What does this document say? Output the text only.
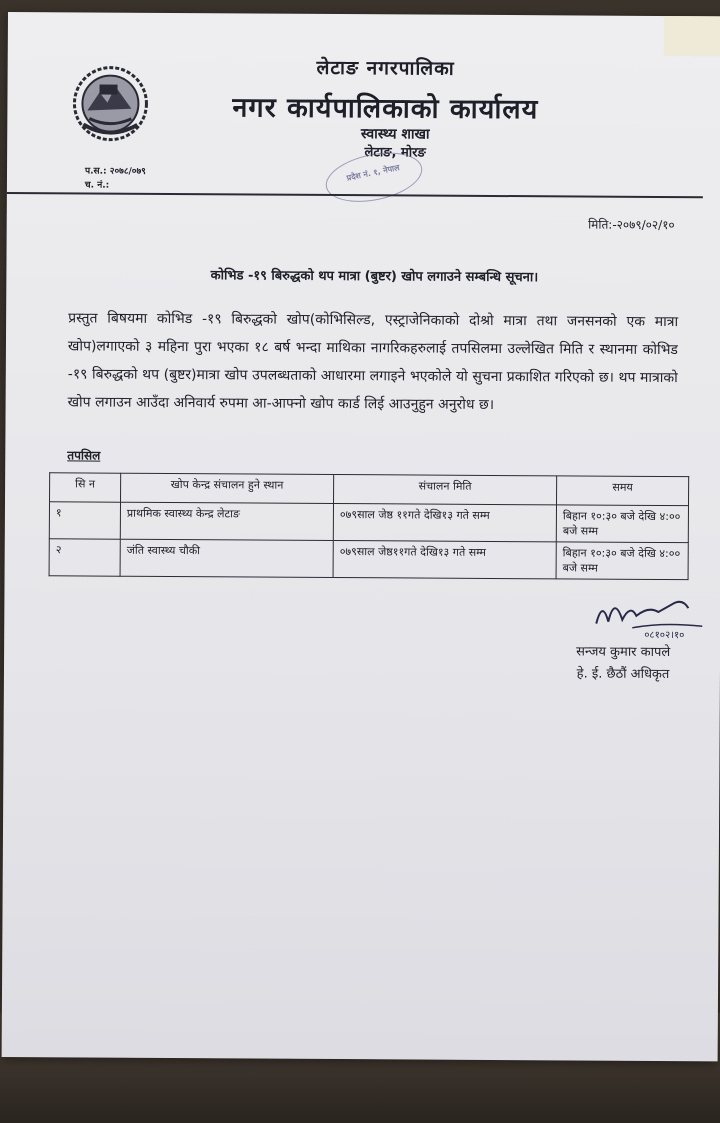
लेटाङ नगरपालिका
नगर कार्यपालिकाको कार्यालय
स्वास्थ्य शाखा
लेटाङ, मोरङ
प्रदेश नं. १, नेपाल
प.स.: २०७८/०७९
च. नं.:
मिति:-२०७९/०२/१०
कोभिड -१९ बिरुद्धको थप मात्रा (बुष्टर) खोप लगाउने सम्बन्धि सूचना।
प्रस्तुत बिषयमा कोभिड -१९ बिरुद्धको खोप(कोभिसिल्ड, एस्ट्राजेनिकाको दोश्रो मात्रा तथा जनसनको एक मात्रा खोप)लगाएको ३ महिना पुरा भएका १८ बर्ष भन्दा माथिका नागरिकहरुलाई तपसिलमा उल्लेखित मिति र स्थानमा कोभिड -१९ बिरुद्धको थप (बुष्टर)मात्रा खोप उपलब्धताको आधारमा लगाइने भएकोले यो सुचना प्रकाशित गरिएको छ। थप मात्राको खोप लगाउन आउँदा अनिवार्य रुपमा आ-आफ्नो खोप कार्ड लिई आउनुहुन अनुरोध छ।
तपसिल
सि न	खोप केन्द्र संचालन हुने स्थान	संचालन मिति	समय
१	प्राथमिक स्वास्थ्य केन्द्र लेटाङ	०७९साल जेष्ठ ११गते देखि१३ गते सम्म	बिहान १०:३० बजे देखि ४:०० बजे सम्म
२	जंति स्वास्थ्य चौकी	०७९साल जेष्ठ११गते देखि१३ गते सम्म	बिहान १०:३० बजे देखि ४:०० बजे सम्म
०८१०२।१०
सन्जय कुमार कापले
हे. ई. छैठौं अधिकृत
